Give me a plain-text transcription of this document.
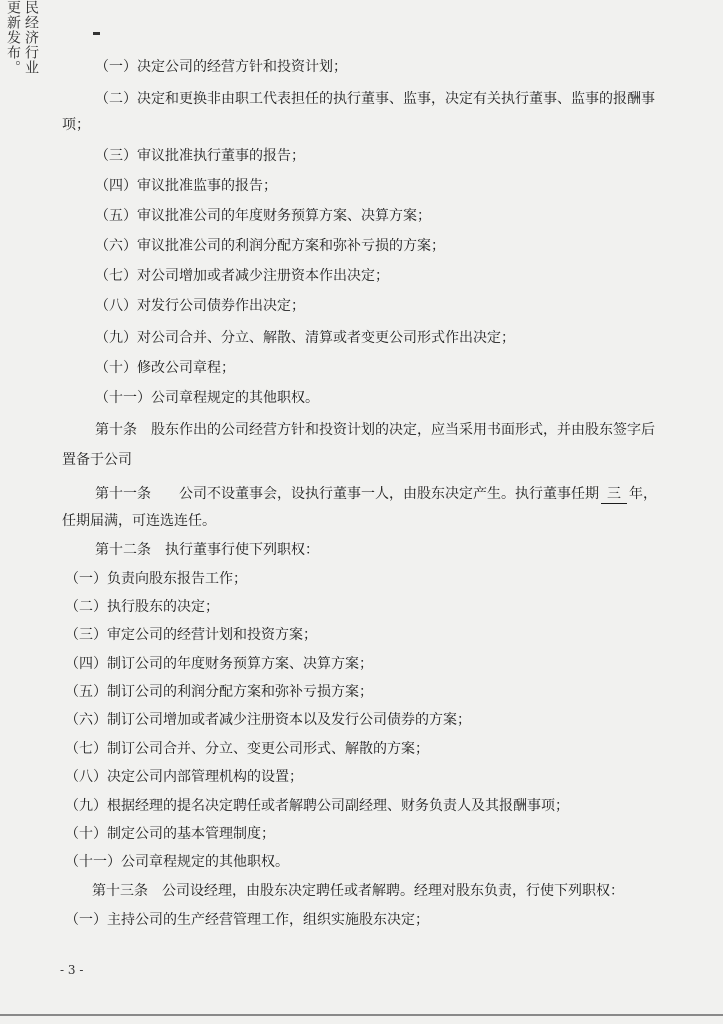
民经济行业
更新发布。	（一）决定公司的经营方针和投资计划；
（二）决定和更换非由职工代表担任的执行董事、监事，决定有关执行董事、监事的报酬事
项；
（三）审议批准执行董事的报告；
（四）审议批准监事的报告；
（五）审议批准公司的年度财务预算方案、决算方案；
（六）审议批准公司的利润分配方案和弥补亏损的方案；
（七）对公司增加或者减少注册资本作出决定；
（八）对发行公司债券作出决定；
（九）对公司合并、分立、解散、清算或者变更公司形式作出决定；
（十）修改公司章程；
（十一）公司章程规定的其他职权。
第十条　股东作出的公司经营方针和投资计划的决定，应当采用书面形式，并由股东签字后
置备于公司
第十一条　　公司不设董事会，设执行董事一人，由股东决定产生。执行董事任期 三 年，
任期届满，可连选连任。
第十二条　执行董事行使下列职权：
（一）负责向股东报告工作；
（二）执行股东的决定；
（三）审定公司的经营计划和投资方案；
（四）制订公司的年度财务预算方案、决算方案；
（五）制订公司的利润分配方案和弥补亏损方案；
（六）制订公司增加或者减少注册资本以及发行公司债券的方案；
（七）制订公司合并、分立、变更公司形式、解散的方案；
（八）决定公司内部管理机构的设置；
（九）根据经理的提名决定聘任或者解聘公司副经理、财务负责人及其报酬事项；
（十）制定公司的基本管理制度；
（十一）公司章程规定的其他职权。
第十三条　公司设经理，由股东决定聘任或者解聘。经理对股东负责，行使下列职权：
（一）主持公司的生产经营管理工作，组织实施股东决定；
- 3 -
